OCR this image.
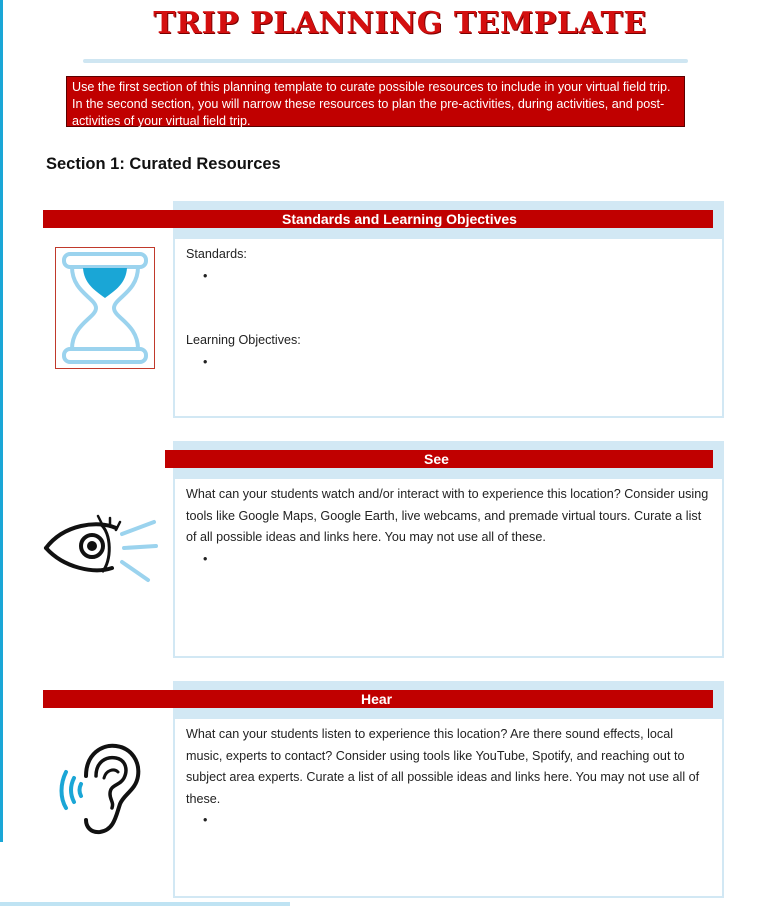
TRIP PLANNING TEMPLATE
Use the first section of this planning template to curate possible resources to include in your virtual field trip. In the second section, you will narrow these resources to plan the pre-activities, during activities, and post-activities of your virtual field trip.
Section 1: Curated Resources
Standards and Learning Objectives

Standards:

•

Learning Objectives:

•

See

What can your students watch and/or interact with to experience this location? Consider using tools like Google Maps, Google Earth, live webcams, and premade virtual tours. Curate a list of all possible ideas and links here. You may not use all of these.

•

Hear

What can your students listen to experience this location? Are there sound effects, local music, experts to contact? Consider using tools like YouTube, Spotify, and reaching out to subject area experts. Curate a list of all possible ideas and links here. You may not use all of these.

•
